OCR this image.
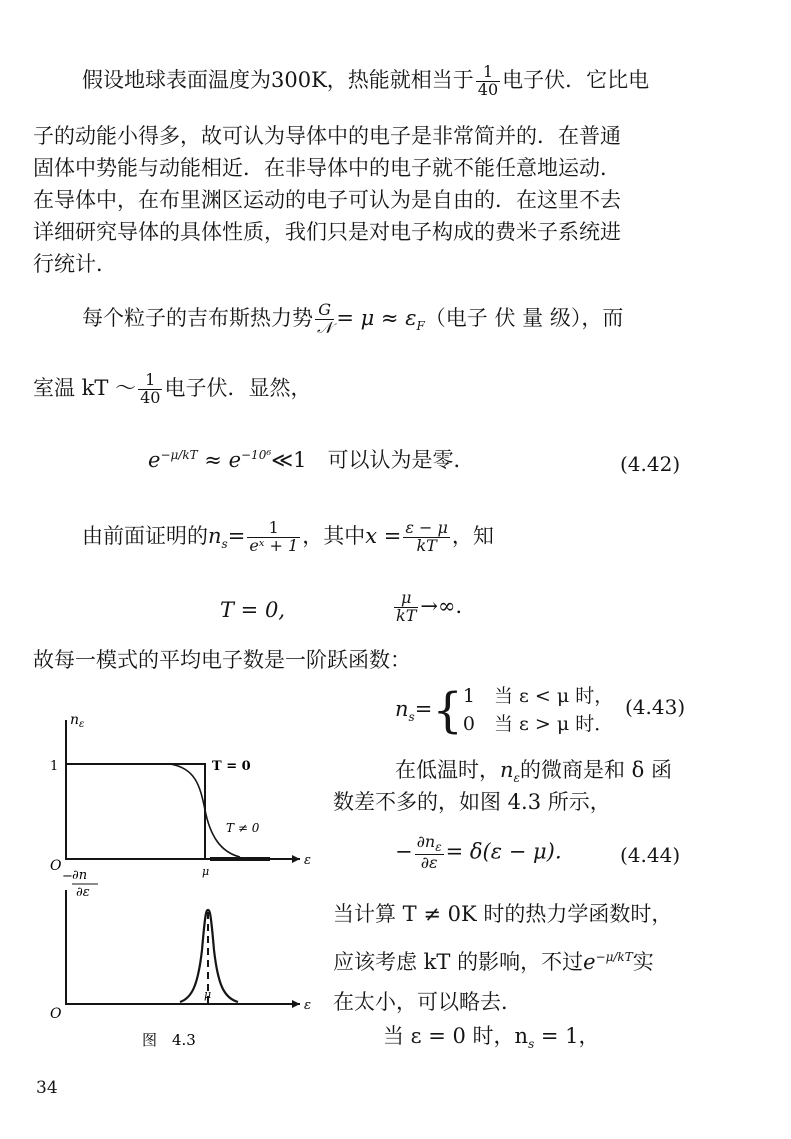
假设地球表面温度为300K，热能就相当于 $\frac{1}{40}$ 电子伏．它比电
子的动能小得多，故可认为导体中的电子是非常简并的．在普通
固体中势能与动能相近．在非导体中的电子就不能任意地运动．
在导体中，在布里渊区运动的电子可认为是自由的．在这里不去
详细研究导体的具体性质，我们只是对电子构成的费米子系统进
行统计．
每个粒子的吉布斯热力势 $\frac{G}{\text{𝒩}} = \mu \approx \varepsilon_F$（电子 伏 量 级），而
室温 kT ～ $\frac{1}{40}$ 电子伏．显然，
$e^{-\mu/kT}$ ≈ $e^{-10^6}≪1$　可以认为是零．	(4.42)
由前面证明的$n_s= \frac{1}{\text{eˣ + 1}}$ ，其中$x = \frac{\varepsilon - \mu}{kT}$ ，知
T = 0,	$\frac{\mu}{kT}$ →∞．
故每一模式的平均电子数是一阶跃函数：
$n_s=${ 1　当 ε < μ 时，
0　当 ε > μ 时．
(4.43)
在低温时，$n_\varepsilon$的微商是和 δ 函
数差不多的，如图 4.3 所示，
− $\frac{\partial n_\varepsilon}{\partial\varepsilon} = \delta(\varepsilon - \mu)$． (4.44)
当计算 T ≠ 0K 时的热力学函数时，
应该考虑 kT 的影响，不过$e^{-\mu/kT}$实
在太小，可以略去．
当 ε = 0 时，$n_s = 1$，
34
$n_\varepsilon$
1	T = 0
T ≠ 0
O	μ
ε
−∂n ∂ε
O
μ
ε
图　4.3
